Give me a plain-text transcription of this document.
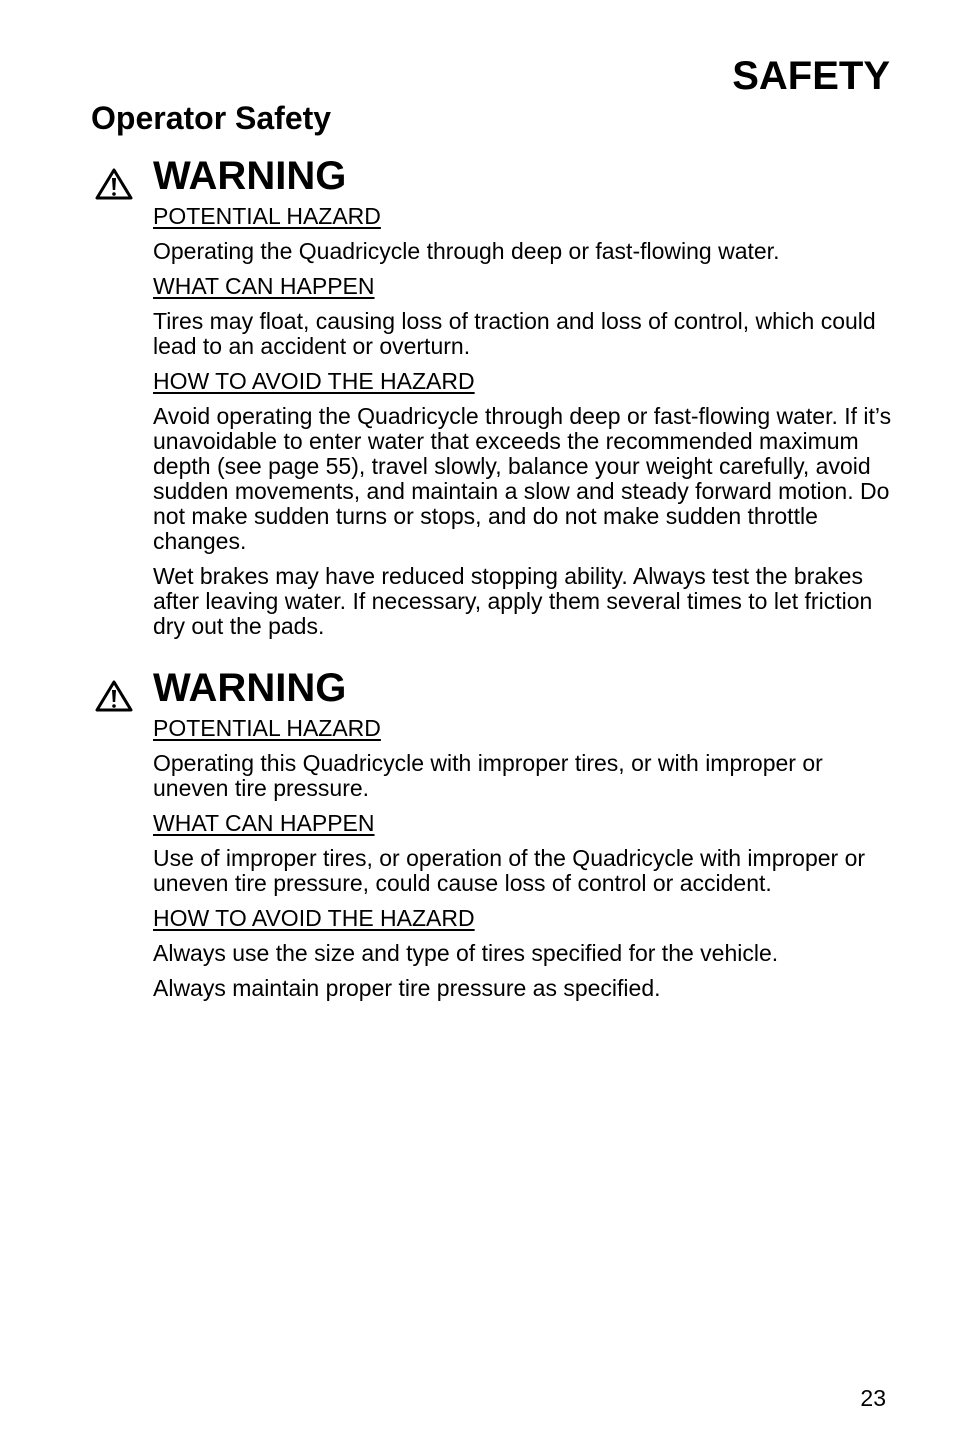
SAFETY
Operator Safety
WARNING
POTENTIAL HAZARD
Operating the Quadricycle through deep or fast-flowing water.
WHAT CAN HAPPEN
Tires may float, causing loss of traction and loss of control, which could lead to an accident or overturn.
HOW TO AVOID THE HAZARD
Avoid operating the Quadricycle through deep or fast-flowing water. If it’s unavoidable to enter water that exceeds the recommended maximum depth (see page 55), travel slowly, balance your weight carefully, avoid sudden movements, and maintain a slow and steady forward motion. Do not make sudden turns or stops, and do not make sudden throttle changes.
Wet brakes may have reduced stopping ability. Always test the brakes after leaving water. If necessary, apply them several times to let friction dry out the pads.
WARNING
POTENTIAL HAZARD
Operating this Quadricycle with improper tires, or with improper or uneven tire pressure.
WHAT CAN HAPPEN
Use of improper tires, or operation of the Quadricycle with improper or uneven tire pressure, could cause loss of control or accident.
HOW TO AVOID THE HAZARD
Always use the size and type of tires specified for the vehicle.
Always maintain proper tire pressure as specified.
23
